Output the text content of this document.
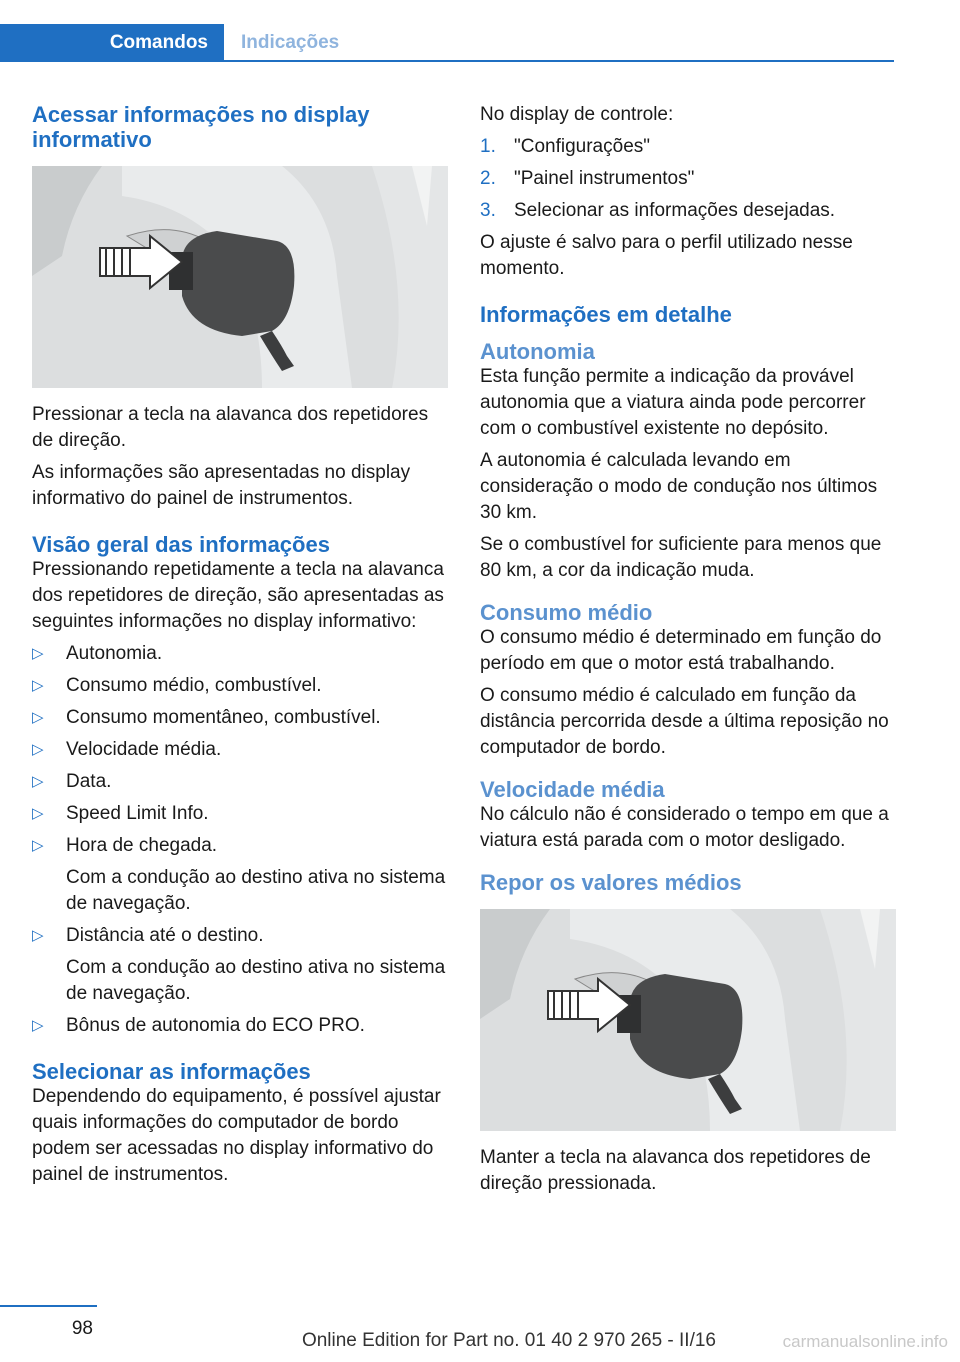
Comandos	Indicações
Acessar informações no display informativo

Pressionar a tecla na alavanca dos repetidores de direção.

As informações são apresentadas no display informativo do painel de instrumentos.

Visão geral das informações

Pressionando repetidamente a tecla na alavanca dos repetidores de direção, são apresentadas as seguintes informações no display informativo:

▷ Autonomia.
▷ Consumo médio, combustível.
▷ Consumo momentâneo, combustível.
▷ Velocidade média.
▷ Data.
▷ Speed Limit Info.
▷ Hora de chegada.
Com a condução ao destino ativa no sistema de navegação.
▷ Distância até o destino.
Com a condução ao destino ativa no sistema de navegação.
▷ Bônus de autonomia do ECO PRO.
Selecionar as informações

Dependendo do equipamento, é possível ajustar quais informações do computador de bordo podem ser acessadas no display informativo do painel de instrumentos.

No display de controle:

1. "Configurações"
2. "Painel instrumentos"
3. Selecionar as informações desejadas.

O ajuste é salvo para o perfil utilizado nesse momento.

Informações em detalhe
Autonomia

Esta função permite a indicação da provável autonomia que a viatura ainda pode percorrer com o combustível existente no depósito.

A autonomia é calculada levando em consideração o modo de condução nos últimos 30 km.

Se o combustível for suficiente para menos que 80 km, a cor da indicação muda.

Consumo médio

O consumo médio é determinado em função do período em que o motor está trabalhando.

O consumo médio é calculado em função da distância percorrida desde a última reposição no computador de bordo.

Velocidade média

No cálculo não é considerado o tempo em que a viatura está parada com o motor desligado.

Repor os valores médios

Manter a tecla na alavanca dos repetidores de direção pressionada.

98
Online Edition for Part no. 01 40 2 970 265 - II/16	carmanualsonline.info
